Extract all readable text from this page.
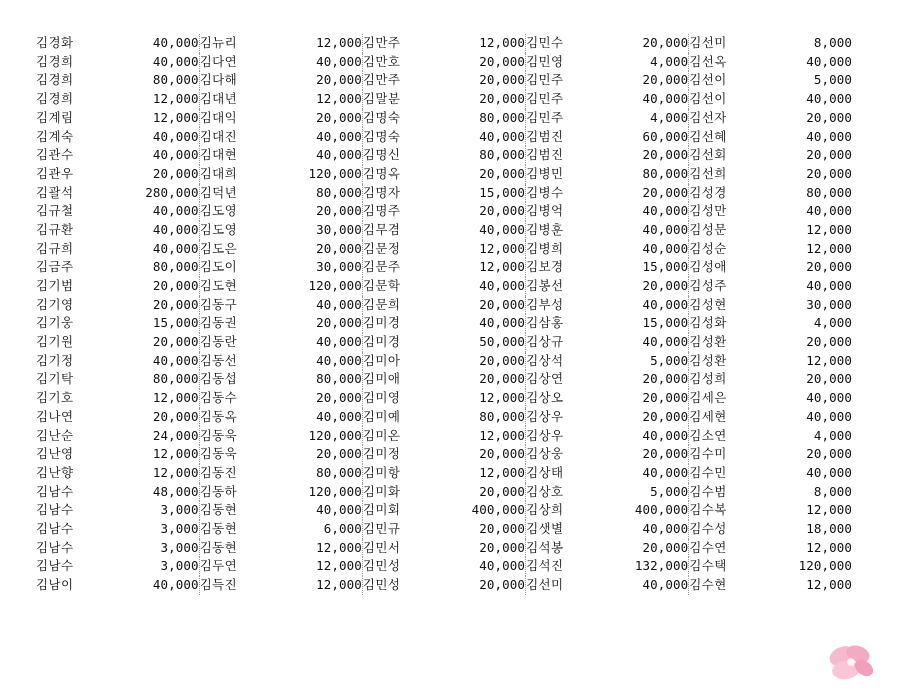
김경화	40,000	김뉴리	12,000	김만주	12,000	김민수	20,000	김선미	8,000
김경희	40,000	김다연	40,000	김만호	20,000	김민영	4,000	김선옥	40,000
김경희	80,000	김다해	20,000	김만주	20,000	김민주	20,000	김선이	5,000
김경희	12,000	김대년	12,000	김말분	20,000	김민주	40,000	김선이	40,000
김계림	12,000	김대익	20,000	김명숙	80,000	김민주	4,000	김선자	20,000
김계숙	40,000	김대진	40,000	김명숙	40,000	김범진	60,000	김선혜	40,000
김관수	40,000	김대현	40,000	김명신	80,000	김범진	20,000	김선회	20,000
김관우	20,000	김대희	120,000	김명옥	20,000	김병민	80,000	김선희	20,000
김괄석	280,000	김덕년	80,000	김명자	15,000	김병수	20,000	김성경	80,000
김규철	40,000	김도영	20,000	김명주	20,000	김병억	40,000	김성만	40,000
김규환	40,000	김도영	30,000	김무겸	40,000	김병훈	40,000	김성문	12,000
김규희	40,000	김도은	20,000	김문정	12,000	김병희	40,000	김성순	12,000
김금주	80,000	김도이	30,000	김문주	12,000	김보경	15,000	김성애	20,000
김기범	20,000	김도현	120,000	김문학	40,000	김봉선	20,000	김성주	40,000
김기영	20,000	김동구	40,000	김문희	20,000	김부성	40,000	김성현	30,000
김기웅	15,000	김동권	20,000	김미경	40,000	김삼홍	15,000	김성화	4,000
김기원	20,000	김동란	40,000	김미경	50,000	김상규	40,000	김성환	20,000
김기정	40,000	김동선	40,000	김미아	20,000	김상석	5,000	김성환	12,000
김기탁	80,000	김동섭	80,000	김미애	20,000	김상연	20,000	김성희	20,000
김기호	12,000	김동수	20,000	김미영	12,000	김상오	20,000	김세은	40,000
김나연	20,000	김동옥	40,000	김미예	80,000	김상우	20,000	김세현	40,000
김난순	24,000	김동욱	120,000	김미온	12,000	김상우	40,000	김소연	4,000
김난영	12,000	김동욱	20,000	김미정	20,000	김상웅	20,000	김수미	20,000
김난향	12,000	김동진	80,000	김미항	12,000	김상태	40,000	김수민	40,000
김남수	48,000	김동하	120,000	김미화	20,000	김상호	5,000	김수범	8,000
김남수	3,000	김동현	40,000	김미회	400,000	김상희	400,000	김수복	12,000
김남수	3,000	김동현	6,000	김민규	20,000	김샛별	40,000	김수성	18,000
김남수	3,000	김동현	12,000	김민서	20,000	김석봉	20,000	김수연	12,000
김남수	3,000	김두연	12,000	김민성	40,000	김석진	132,000	김수택	120,000
김남이	40,000	김득진	12,000	김민성	20,000	김선미	40,000	김수현	12,000
